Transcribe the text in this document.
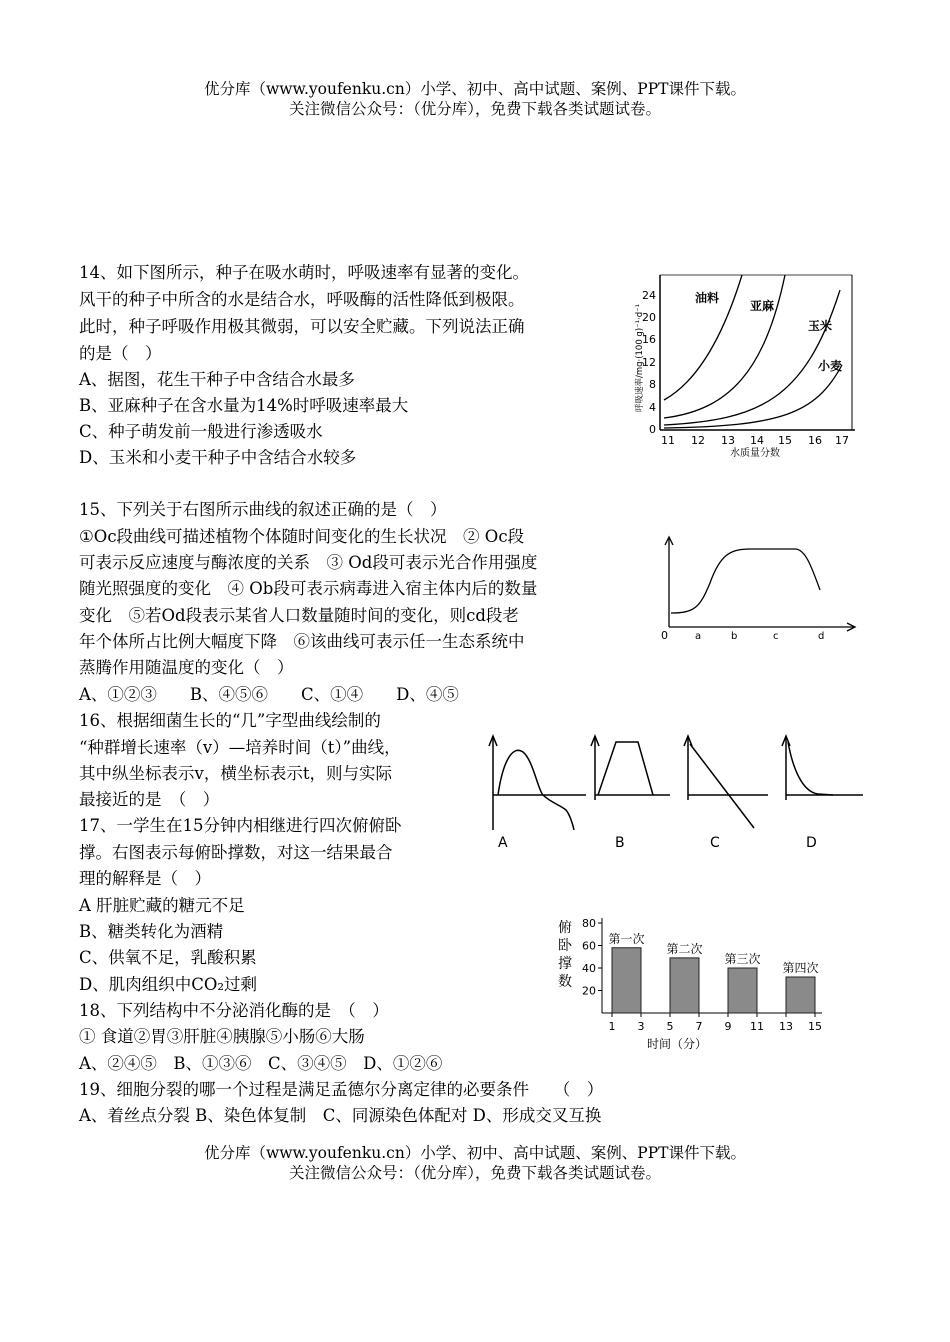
优分库（www.youfenku.cn）小学、初中、高中试题、案例、PPT课件下载。
关注微信公众号：（优分库），免费下载各类试题试卷。
14、如下图所示，种子在吸水萌时，呼吸速率有显著的变化。
风干的种子中所含的水是结合水，呼吸酶的活性降低到极限。
此时，种子呼吸作用极其微弱，可以安全贮藏。下列说法正确
的是（　）
A、据图，花生干种子中含结合水最多
B、亚麻种子在含水量为14%时呼吸速率最大
C、种子萌发前一般进行渗透吸水
D、玉米和小麦干种子中含结合水较多
0
4
8
12
16
20
24
11 12 13 14 15 16 17
水质量分数
呼吸速率/mg·(100 g)⁻¹·d⁻¹
油料
亚麻
玉米
小麦
15、下列关于右图所示曲线的叙述正确的是（　）
①Oc段曲线可描述植物个体随时间变化的生长状况　② Oc段
可表示反应速度与酶浓度的关系　③ Od段可表示光合作用强度
随光照强度的变化　④ Ob段可表示病毒进入宿主体内后的数量
变化　⑤若Od段表示某省人口数量随时间的变化，则cd段老
年个体所占比例大幅度下降　⑥该曲线可表示任一生态系统中
蒸腾作用随温度的变化（　）
A、①②③　　B、④⑤⑥　　C、①④　　D、④⑤
0	a	b	c	d
16、根据细菌生长的“几”字型曲线绘制的
“种群增长速率（v）—培养时间（t）”曲线，
其中纵坐标表示v，横坐标表示t，则与实际
最接近的是　（　）
A	B	C	D
17、一学生在15分钟内相继进行四次俯俯卧
撑。右图表示每俯卧撑数，对这一结果最合
理的解释是（　）
A 肝脏贮藏的糖元不足
B、糖类转化为酒精
C、供氧不足，乳酸积累
D、肌肉组织中CO₂过剩
俯
卧
撑
数
20
40
60
80
1 3 5 7 9 11 13 15
第一次
第二次
第三次
第四次
时间（分）
18、下列结构中不分泌消化酶的是　（　）
① 食道②胃③肝脏④胰腺⑤小肠⑥大肠
A、②④⑤　B、①③⑥　C、③④⑤　D、①②⑥
19、细胞分裂的哪一个过程是满足孟德尔分离定律的必要条件　　（　）
A、着丝点分裂 B、染色体复制　C、同源染色体配对 D、形成交叉互换
优分库（www.youfenku.cn）小学、初中、高中试题、案例、PPT课件下载。
关注微信公众号：（优分库），免费下载各类试题试卷。
